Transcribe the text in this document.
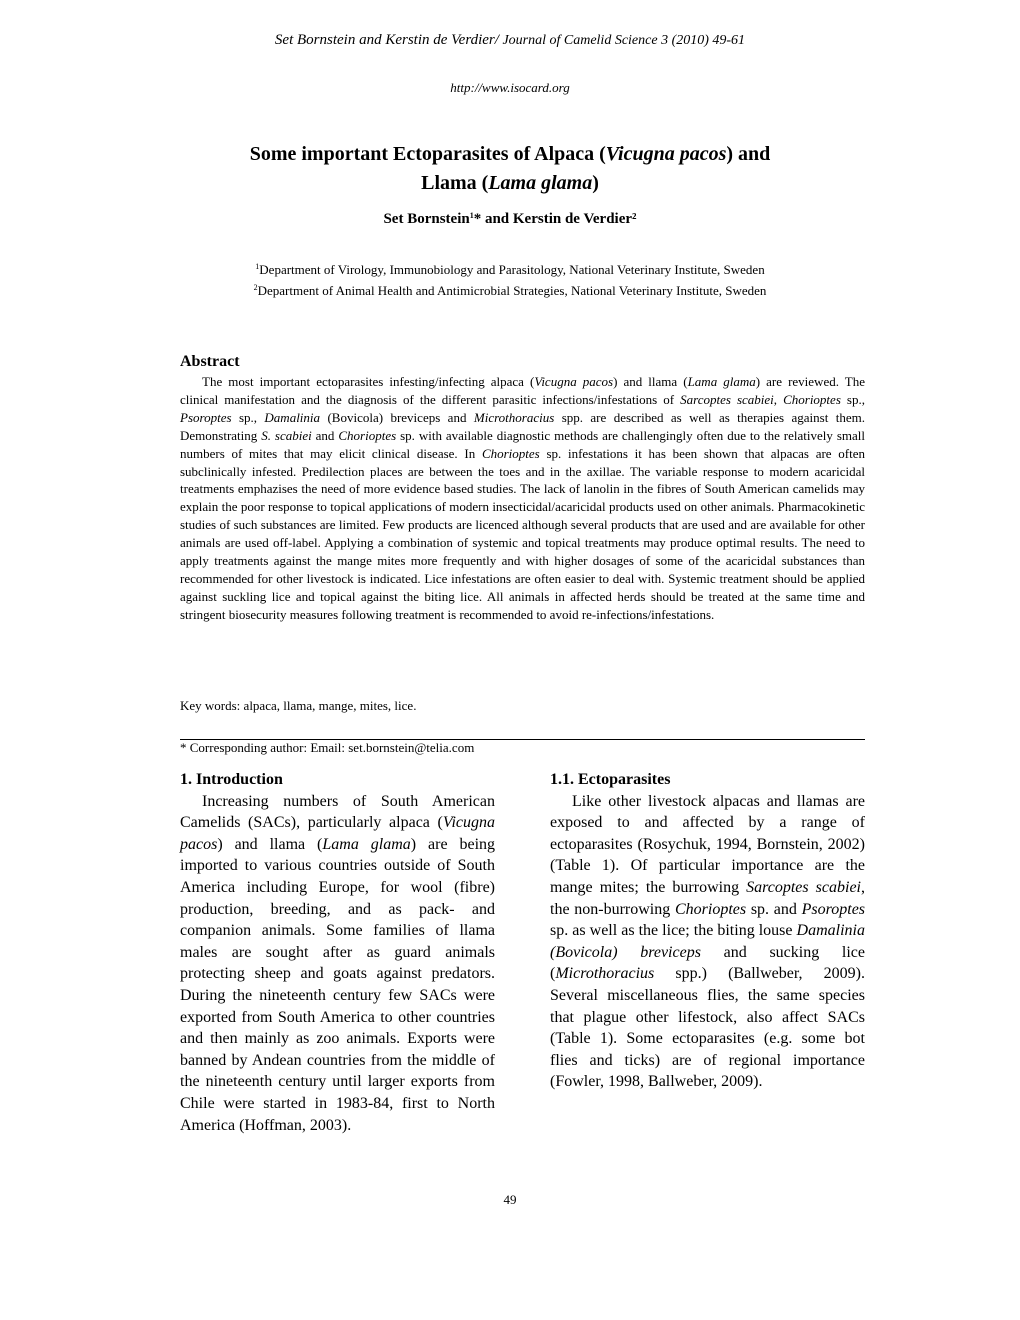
Set Bornstein and Kerstin de Verdier/ Journal of Camelid Science 3 (2010) 49-61
http://www.isocard.org
Some important Ectoparasites of Alpaca (Vicugna pacos) and
Llama (Lama glama)
Set Bornstein$^1$* and Kerstin de Verdier²
$^1$Department of Virology, Immunobiology and Parasitology, National Veterinary Institute, Sweden
$^2$Department of Animal Health and Antimicrobial Strategies, National Veterinary Institute, Sweden
Abstract
The most important ectoparasites infesting/infecting alpaca (Vicugna pacos) and llama (Lama glama) are reviewed. The clinical manifestation and the diagnosis of the different parasitic infections/infestations of Sarcoptes scabiei, Chorioptes sp., Psoroptes sp., Damalinia (Bovicola) breviceps and Microthoracius spp. are described as well as therapies against them. Demonstrating S. scabiei and Chorioptes sp. with available diagnostic methods are challengingly often due to the relatively small numbers of mites that may elicit clinical disease. In Chorioptes sp. infestations it has been shown that alpacas are often subclinically infested. Predilection places are between the toes and in the axillae. The variable response to modern acaricidal treatments emphazises the need of more evidence based studies. The lack of lanolin in the fibres of South American camelids may explain the poor response to topical applications of modern insecticidal/acaricidal products used on other animals. Pharmacokinetic studies of such substances are limited. Few products are licenced although several products that are used and are available for other animals are used off-label. Applying a combination of systemic and topical treatments may produce optimal results. The need to apply treatments against the mange mites more frequently and with higher dosages of some of the acaricidal substances than recommended for other livestock is indicated. Lice infestations are often easier to deal with. Systemic treatment should be applied against suckling lice and topical against the biting lice. All animals in affected herds should be treated at the same time and stringent biosecurity measures following treatment is recommended to avoid re-infections/infestations.
Key words: alpaca, llama, mange, mites, lice.
* Corresponding author: Email: set.bornstein@telia.com
1. Introduction

Increasing numbers of South American Camelids (SACs), particularly alpaca (Vicugna pacos) and llama (Lama glama) are being imported to various countries outside of South America including Europe, for wool (fibre) production, breeding, and as pack- and companion animals. Some families of llama males are sought after as guard animals protecting sheep and goats against predators. During the nineteenth century few SACs were exported from South America to other countries and then mainly as zoo animals. Exports were banned by Andean countries from the middle of the nineteenth century until larger exports from Chile were started in 1983-84, first to North America (Hoffman, 2003).

1.1. Ectoparasites

Like other livestock alpacas and llamas are exposed to and affected by a range of ectoparasites (Rosychuk, 1994, Bornstein, 2002) (Table 1). Of particular importance are the mange mites; the burrowing Sarcoptes scabiei, the non-burrowing Chorioptes sp. and Psoroptes sp. as well as the lice; the biting louse Damalinia (Bovicola) breviceps and sucking lice (Microthoracius spp.) (Ballweber, 2009). Several miscellaneous flies, the same species that plague other lifestock, also affect SACs (Table 1). Some ectoparasites (e.g. some bot flies and ticks) are of regional importance (Fowler, 1998, Ballweber, 2009).

49
